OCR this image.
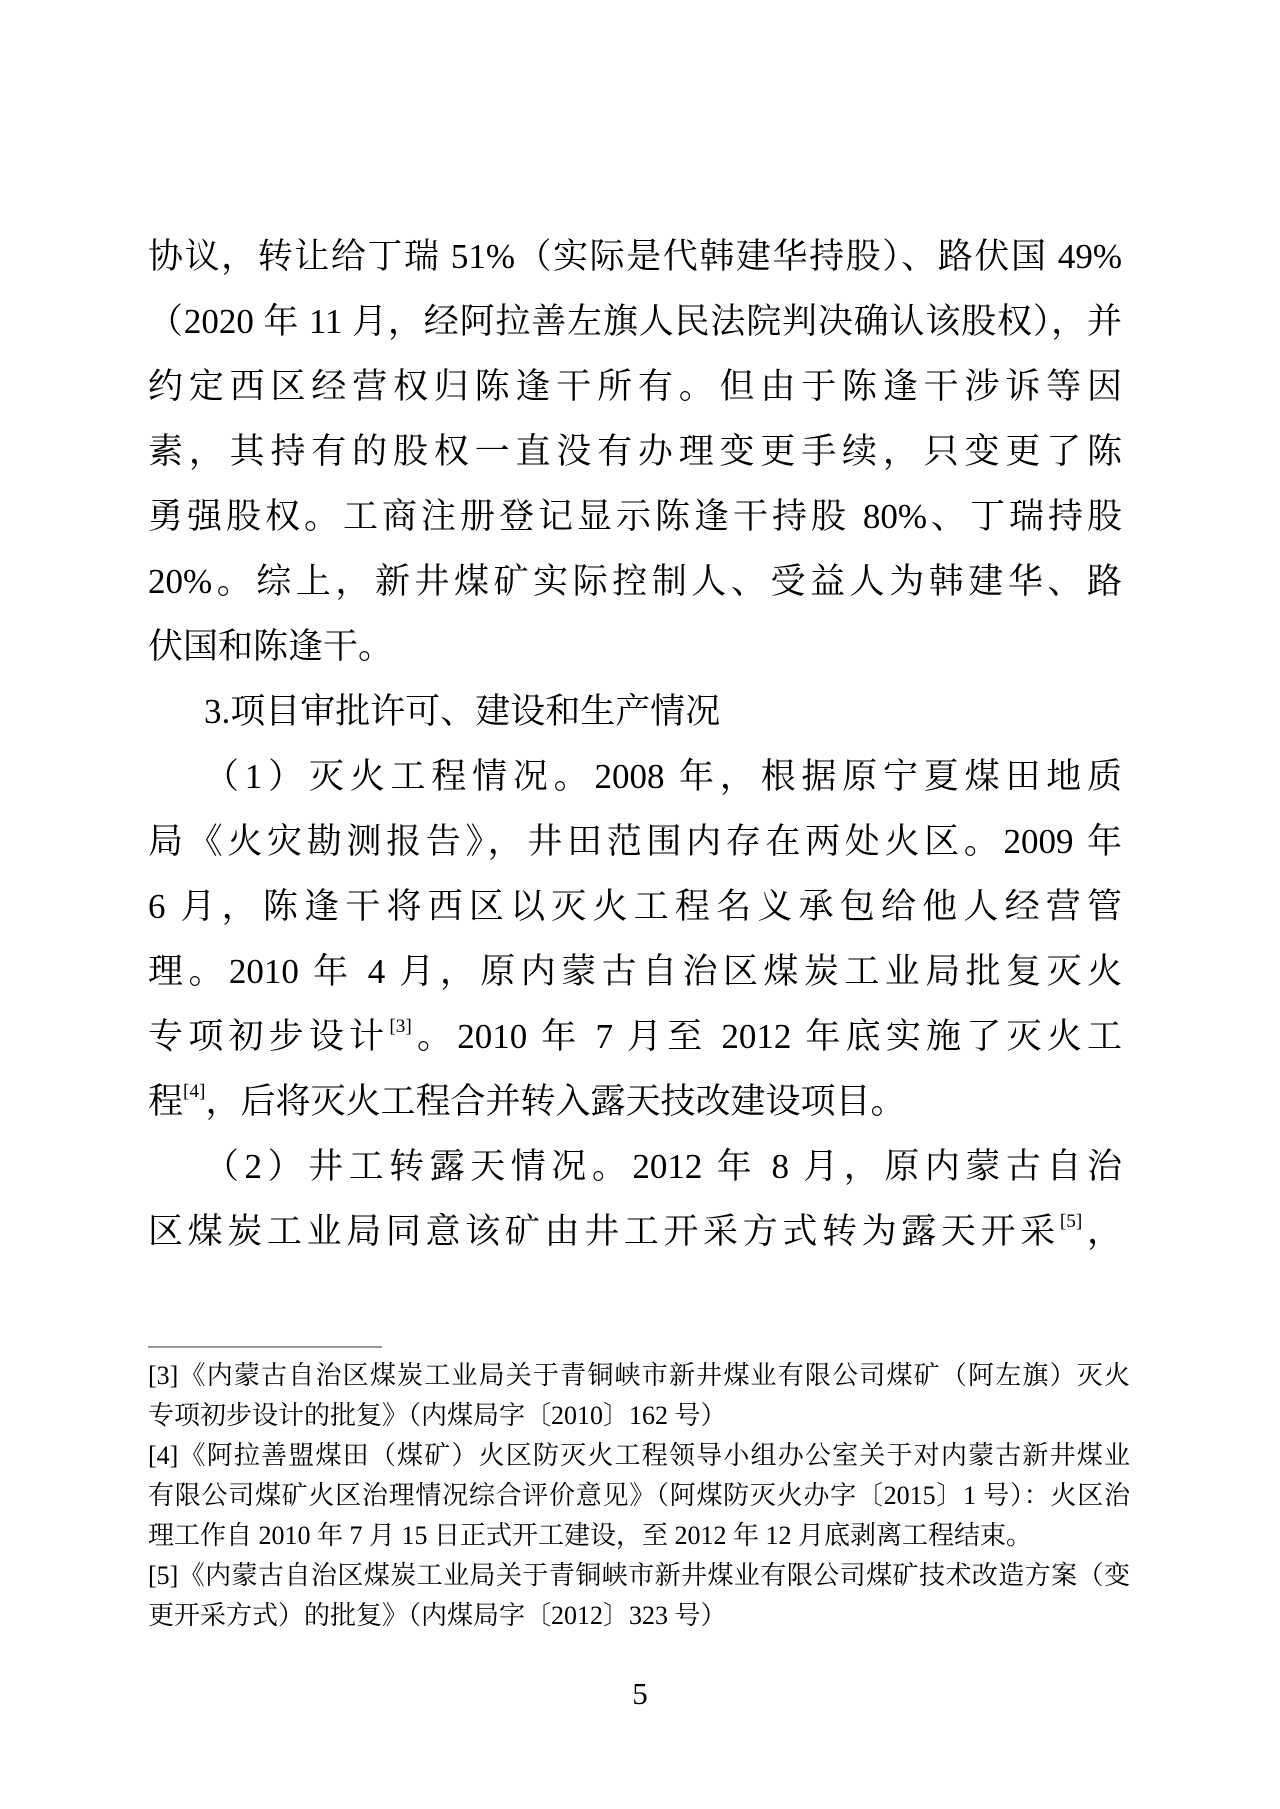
协议，转让给丁瑞 51%（实际是代韩建华持股）、路伏国 49%
（2020 年 11 月，经阿拉善左旗人民法院判决确认该股权），并
约定西区经营权归陈逢干所有。但由于陈逢干涉诉等因
素，其持有的股权一直没有办理变更手续，只变更了陈
勇强股权。工商注册登记显示陈逢干持股 80%、丁瑞持股
20%。综上，新井煤矿实际控制人、受益人为韩建华、路
伏国和陈逢干。
3.项目审批许可、建设和生产情况
（1）灭火工程情况。2008 年，根据原宁夏煤田地质
局《火灾勘测报告》，井田范围内存在两处火区。2009 年
6 月，陈逢干将西区以灭火工程名义承包给他人经营管
理。2010 年 4 月，原内蒙古自治区煤炭工业局批复灭火
专项初步设计[3]。2010 年 7 月至 2012 年底实施了灭火工
程[4]，后将灭火工程合并转入露天技改建设项目。
（2）井工转露天情况。2012 年 8 月，原内蒙古自治
区煤炭工业局同意该矿由井工开采方式转为露天开采[5]，
[3]《内蒙古自治区煤炭工业局关于青铜峡市新井煤业有限公司煤矿（阿左旗）灭火
专项初步设计的批复》（内煤局字〔2010〕162 号）
[4]《阿拉善盟煤田（煤矿）火区防灭火工程领导小组办公室关于对内蒙古新井煤业
有限公司煤矿火区治理情况综合评价意见》（阿煤防灭火办字〔2015〕1 号）：火区治
理工作自 2010 年 7 月 15 日正式开工建设，至 2012 年 12 月底剥离工程结束。
[5]《内蒙古自治区煤炭工业局关于青铜峡市新井煤业有限公司煤矿技术改造方案（变
更开采方式）的批复》（内煤局字〔2012〕323 号）
5
